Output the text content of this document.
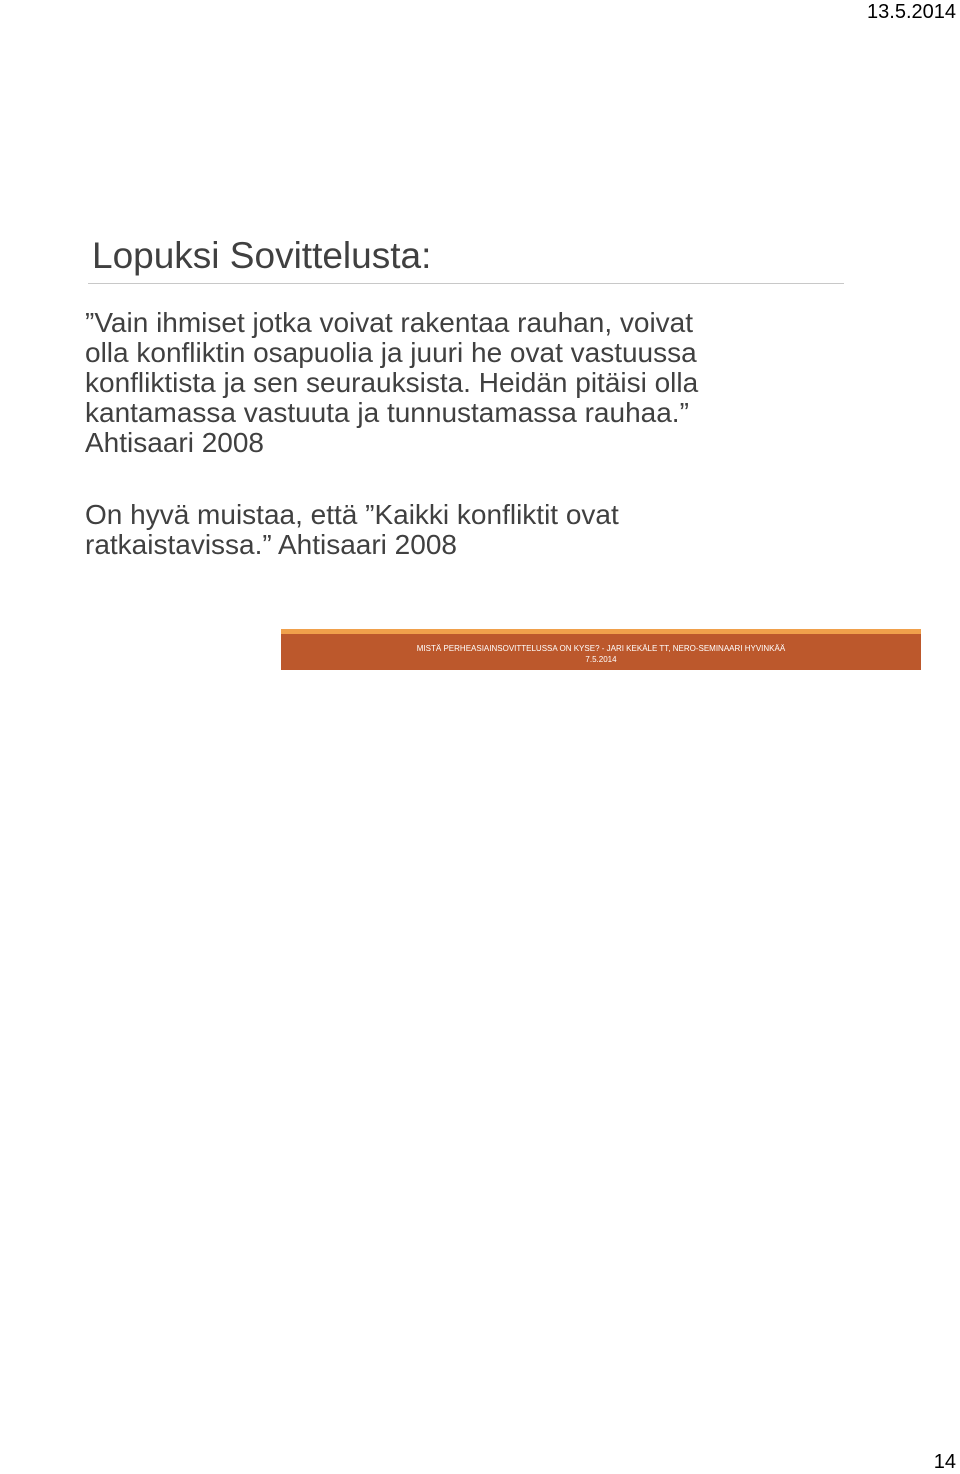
13.5.2014
Lopuksi Sovittelusta:
”Vain ihmiset jotka voivat rakentaa rauhan, voivat
olla konfliktin osapuolia ja juuri he ovat vastuussa
konfliktista ja sen seurauksista. Heidän pitäisi olla
kantamassa vastuuta ja tunnustamassa rauhaa.”
Ahtisaari 2008
On hyvä muistaa, että ”Kaikki konfliktit ovat
ratkaistavissa.” Ahtisaari 2008
MISTÄ PERHEASIAINSOVITTELUSSA ON KYSE? - JARI KEKÄLE TT, NERO-SEMINAARI HYVINKÄÄ
7.5.2014
14
